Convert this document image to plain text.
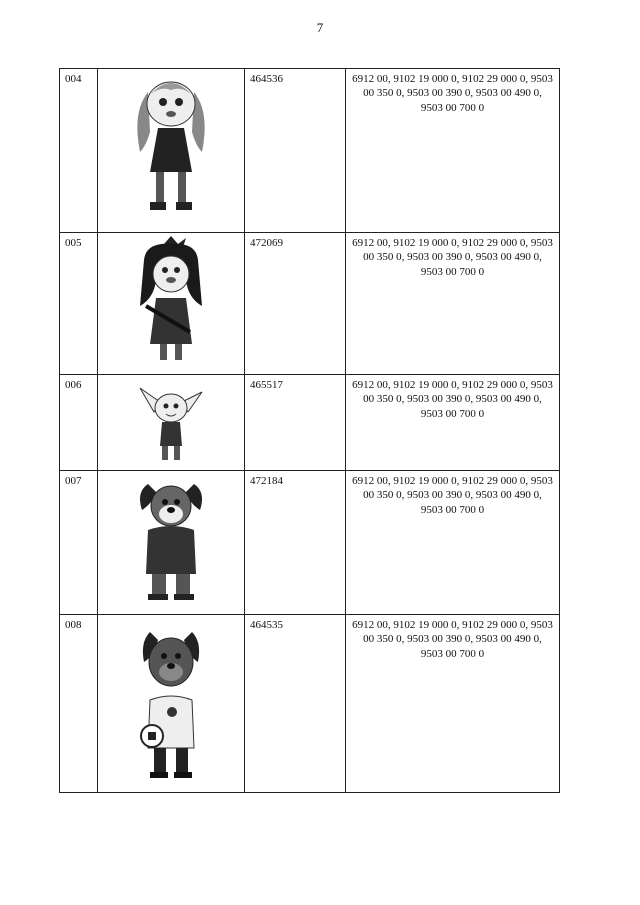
7
004		464536	6912 00, 9102 19 000 0, 9102 29 000 0, 9503 00 350 0, 9503 00 390 0, 9503 00 490 0, 9503 00 700 0
005		472069	6912 00, 9102 19 000 0, 9102 29 000 0, 9503 00 350 0, 9503 00 390 0, 9503 00 490 0, 9503 00 700 0
006		465517	6912 00, 9102 19 000 0, 9102 29 000 0, 9503 00 350 0, 9503 00 390 0, 9503 00 490 0, 9503 00 700 0
007		472184	6912 00, 9102 19 000 0, 9102 29 000 0, 9503 00 350 0, 9503 00 390 0, 9503 00 490 0, 9503 00 700 0
008		464535	6912 00, 9102 19 000 0, 9102 29 000 0, 9503 00 350 0, 9503 00 390 0, 9503 00 490 0, 9503 00 700 0
